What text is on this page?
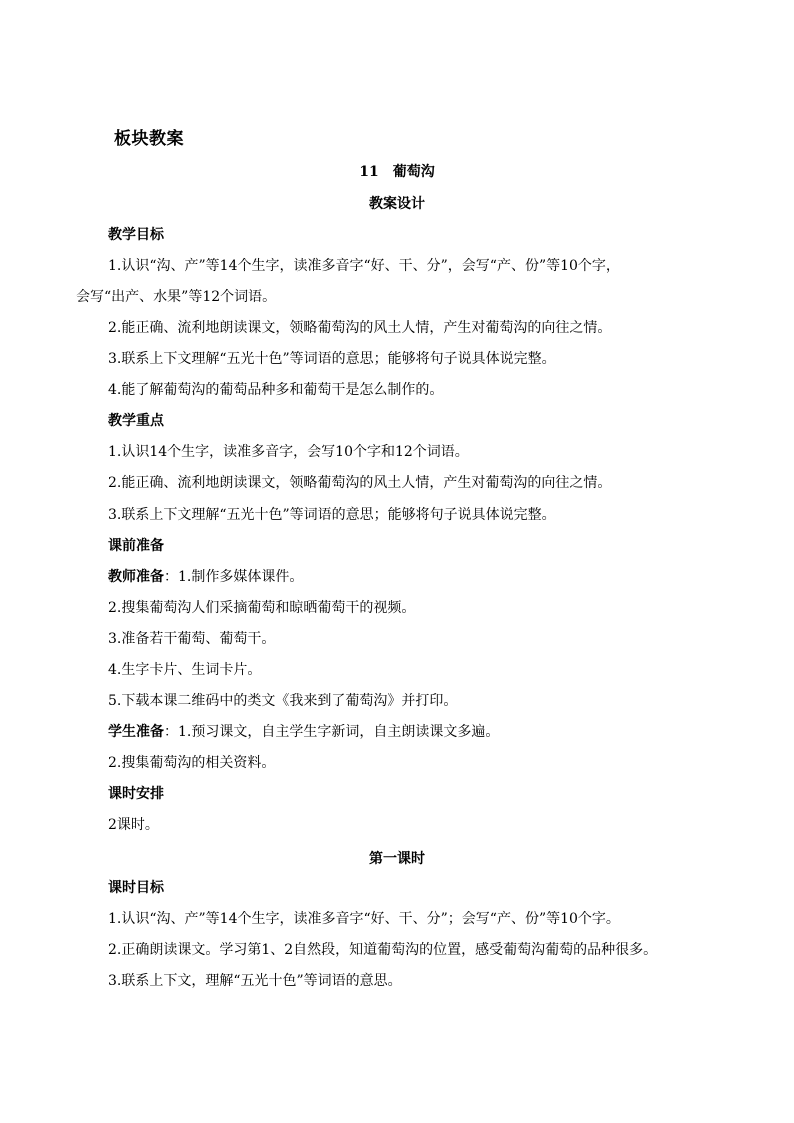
板块教案
11　葡萄沟
教案设计
教学目标
1.认识“沟、产”等14个生字，读准多音字“好、干、分”，会写“产、份”等10个字，
会写“出产、水果”等12个词语。
2.能正确、流利地朗读课文，领略葡萄沟的风土人情，产生对葡萄沟的向往之情。
3.联系上下文理解“五光十色”等词语的意思；能够将句子说具体说完整。
4.能了解葡萄沟的葡萄品种多和葡萄干是怎么制作的。
教学重点
1.认识14个生字，读准多音字，会写10个字和12个词语。
2.能正确、流利地朗读课文，领略葡萄沟的风土人情，产生对葡萄沟的向往之情。
3.联系上下文理解“五光十色”等词语的意思；能够将句子说具体说完整。
课前准备
教师准备：1.制作多媒体课件。
2.搜集葡萄沟人们采摘葡萄和晾晒葡萄干的视频。
3.准备若干葡萄、葡萄干。
4.生字卡片、生词卡片。
5.下载本课二维码中的类文《我来到了葡萄沟》并打印。
学生准备：1.预习课文，自主学生字新词，自主朗读课文多遍。
2.搜集葡萄沟的相关资料。
课时安排
2课时。
第一课时
课时目标
1.认识“沟、产”等14个生字，读准多音字“好、干、分”；会写“产、份”等10个字。
2.正确朗读课文。学习第1、2自然段，知道葡萄沟的位置，感受葡萄沟葡萄的品种很多。
3.联系上下文，理解“五光十色”等词语的意思。
